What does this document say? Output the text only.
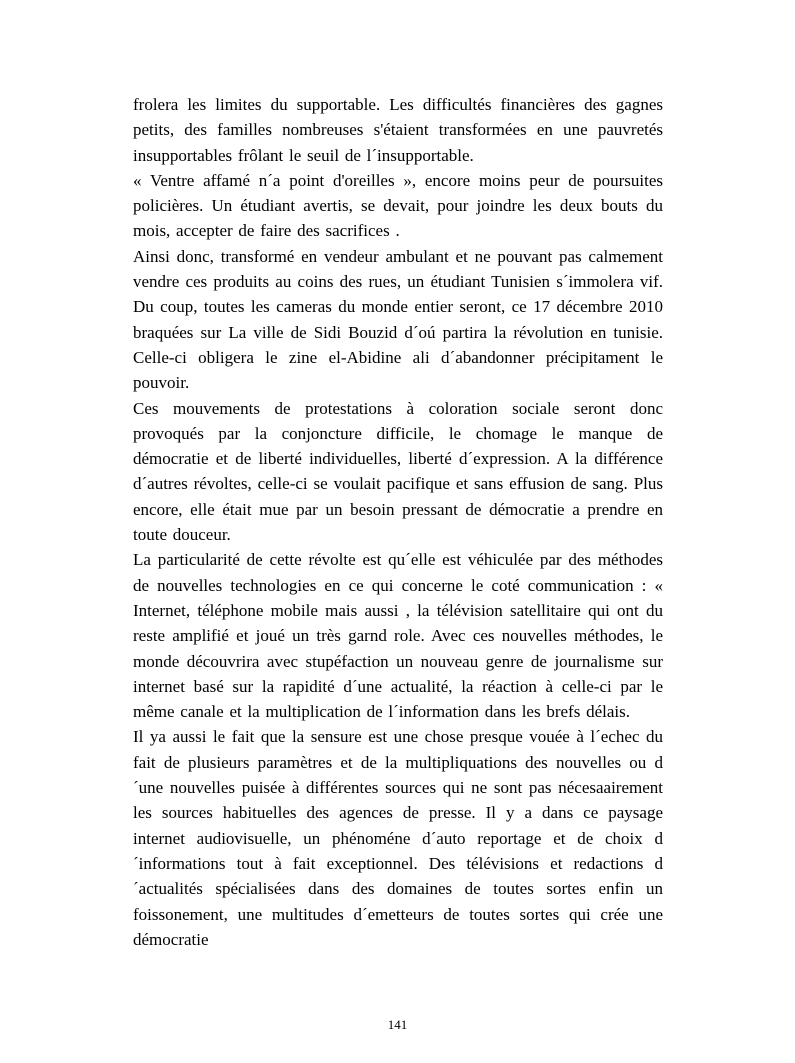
frolera les limites du supportable. Les difficultés financières des gagnes petits, des familles nombreuses s'étaient transformées en une pauvretés insupportables frôlant le seuil de l´insupportable.

« Ventre affamé n´a point d'oreilles », encore moins peur de poursuites policières. Un étudiant avertis, se devait, pour joindre les deux bouts du mois, accepter de faire des sacrifices .

Ainsi donc, transformé en vendeur ambulant et ne pouvant pas calmement vendre ces produits au coins des rues, un étudiant Tunisien s´immolera vif. Du coup, toutes les cameras du monde entier seront, ce 17 décembre 2010 braquées sur La ville de Sidi Bouzid d´oú partira la révolution en tunisie. Celle-ci obligera le zine el-Abidine ali d´abandonner précipitament le pouvoir.

Ces mouvements de protestations à coloration sociale seront donc provoqués par la conjoncture difficile, le chomage le manque de démocratie et de liberté individuelles, liberté d´expression. A la différence d´autres révoltes, celle-ci se voulait pacifique et sans effusion de sang. Plus encore, elle était mue par un besoin pressant de démocratie a prendre en toute douceur.

La particularité de cette révolte est qu´elle est véhiculée par des méthodes de nouvelles technologies en ce qui concerne le coté communication : « Internet, téléphone mobile mais aussi , la télévision satellitaire qui ont du reste amplifié et joué un très garnd role. Avec ces nouvelles méthodes, le monde découvrira avec stupéfaction un nouveau genre de journalisme sur internet basé sur la rapidité d´une actualité, la réaction à celle-ci par le même canale et la multiplication de l´information dans les brefs délais.

Il ya aussi le fait que la sensure est une chose presque vouée à l´echec du fait de plusieurs paramètres et de la multipliquations des nouvelles ou d´une nouvelles puisée à différentes sources qui ne sont pas nécesaairement les sources habituelles des agences de presse. Il y a dans ce paysage internet audiovisuelle, un phénoméne d´auto reportage et de choix d´informations tout à fait exceptionnel. Des télévisions et redactions d´actualités spécialisées dans des domaines de toutes sortes enfin un foissonement, une multitudes d´emetteurs de toutes sortes qui crée une démocratie

141
